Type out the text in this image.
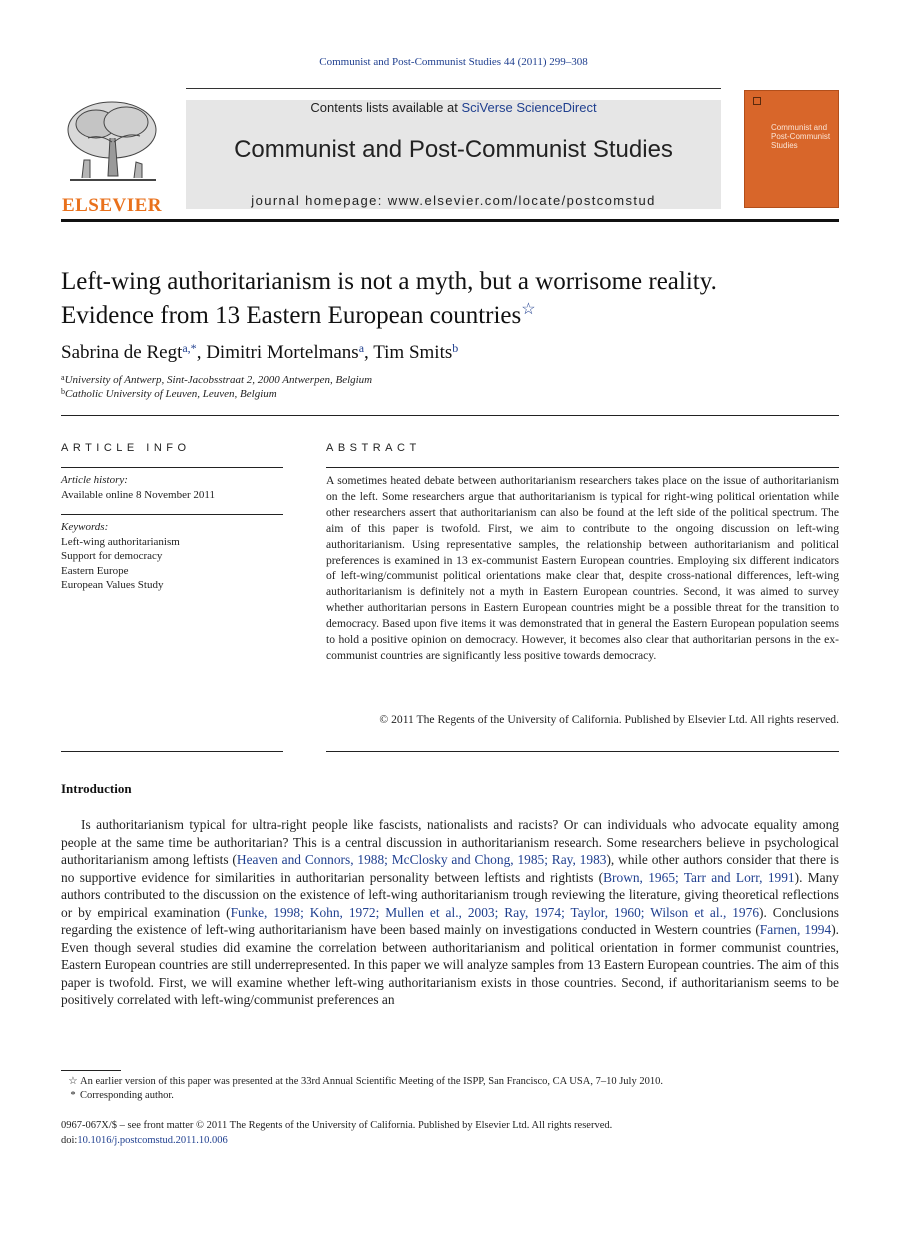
Communist and Post-Communist Studies 44 (2011) 299–308
ELSEVIER
Contents lists available at SciVerse ScienceDirect
Communist and Post-Communist Studies
journal homepage: www.elsevier.com/locate/postcomstud
Communist and Post-Communist Studies
Left-wing authoritarianism is not a myth, but a worrisome reality.
Evidence from 13 Eastern European countries☆
Sabrina de Regt$^{a,*}$, Dimitri Mortelmans$^a$, Tim Smits$^b$
$^a$University of Antwerp, Sint-Jacobsstraat 2, 2000 Antwerpen, Belgium
$^b$Catholic University of Leuven, Leuven, Belgium
ARTICLE INFO
Article history:
Available online 8 November 2011
Keywords:
Left-wing authoritarianism
Support for democracy
Eastern Europe
European Values Study
ABSTRACT
A sometimes heated debate between authoritarianism researchers takes place on the issue of authoritarianism on the left. Some researchers argue that authoritarianism is typical for right-wing political orientation while other researchers assert that authoritarianism can also be found at the left side of the political spectrum. The aim of this paper is twofold. First, we aim to contribute to the ongoing discussion on left-wing authoritarianism. Using representative samples, the relationship between authoritarianism and political preferences is examined in 13 ex-communist Eastern European countries. Employing six different indicators of left-wing/communist political orientations make clear that, despite cross-national differences, left-wing authoritarianism is definitely not a myth in Eastern European countries. Second, it was aimed to survey whether authoritarian persons in Eastern European countries might be a possible threat for the transition to democracy. Based upon five items it was demonstrated that in general the Eastern European population seems to hold a positive opinion on democracy. However, it becomes also clear that authoritarian persons in the ex-communist countries are significantly less positive towards democracy.
© 2011 The Regents of the University of California. Published by Elsevier Ltd. All rights reserved.
Introduction
Is authoritarianism typical for ultra-right people like fascists, nationalists and racists? Or can individuals who advocate equality among people at the same time be authoritarian? This is a central discussion in authoritarianism research. Some researchers believe in psychological authoritarianism among leftists (Heaven and Connors, 1988; McClosky and Chong, 1985; Ray, 1983), while other authors consider that there is no supportive evidence for similarities in authoritarian personality between leftists and rightists (Brown, 1965; Tarr and Lorr, 1991). Many authors contributed to the discussion on the existence of left-wing authoritarianism trough reviewing the literature, giving theoretical reflections or by empirical examination (Funke, 1998; Kohn, 1972; Mullen et al., 2003; Ray, 1974; Taylor, 1960; Wilson et al., 1976). Conclusions regarding the existence of left-wing authoritarianism have been based mainly on investigations conducted in Western countries (Farnen, 1994). Even though several studies did examine the correlation between authoritarianism and political orientation in former communist countries, Eastern European countries are still underrepresented. In this paper we will analyze samples from 13 Eastern European countries. The aim of this paper is twofold. First, we will examine whether left-wing authoritarianism exists in those countries. Second, if authoritarianism seems to be positively correlated with left-wing/communist preferences an
☆ An earlier version of this paper was presented at the 33rd Annual Scientific Meeting of the ISPP, San Francisco, CA USA, 7–10 July 2010.
* Corresponding author.
0967-067X/$ – see front matter © 2011 The Regents of the University of California. Published by Elsevier Ltd. All rights reserved.
doi:10.1016/j.postcomstud.2011.10.006
